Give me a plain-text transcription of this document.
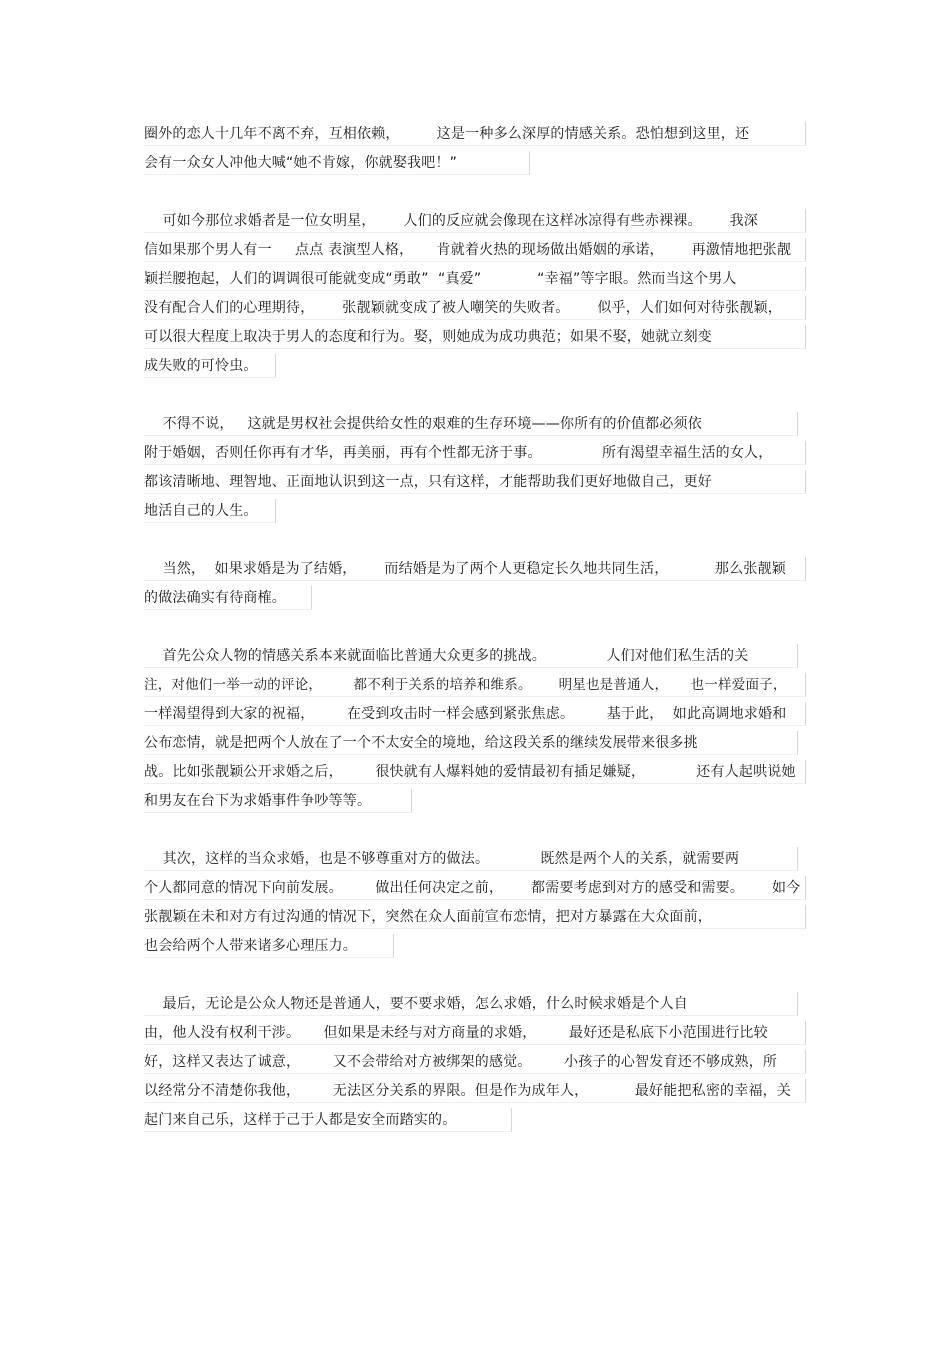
圈外的恋人十几年不离不弃，互相依赖，        这是一种多么深厚的情感关系。恐怕想到这里，还
会有一众女人冲他大喊“她不肯嫁，你就娶我吧！”
可如今那位求婚者是一位女明星，      人们的反应就会像现在这样冰凉得有些赤裸裸。      我深
信如果那个男人有一     点点 表演型人格，     肯就着火热的现场做出婚姻的承诺，      再激情地把张靓
颖拦腰抱起，人们的调调很可能就变成“勇敢”  “真爱”            “幸福”等字眼。然而当这个男人
没有配合人们的心理期待，      张靓颖就变成了被人嘲笑的失败者。      似乎，人们如何对待张靓颖，
可以很大程度上取决于男人的态度和行为。娶，则她成为成功典范；如果不娶，她就立刻变
成失败的可怜虫。
不得不说，   这就是男权社会提供给女性的艰难的生存环境——你所有的价值都必须依
附于婚姻，否则任你再有才华，再美丽，再有个性都无济于事。             所有渴望幸福生活的女人，
都该清晰地、理智地、正面地认识到这一点，只有这样，才能帮助我们更好地做自己，更好
地活自己的人生。
当然，  如果求婚是为了结婚，      而结婚是为了两个人更稳定长久地共同生活，          那么张靓颖
的做法确实有待商榷。
首先公众人物的情感关系本来就面临比普通大众更多的挑战。             人们对他们私生活的关
注，对他们一举一动的评论，       都不利于关系的培养和维系。      明星也是普通人，     也一样爱面子，
一样渴望得到大家的祝福，       在受到攻击时一样会感到紧张焦虑。       基于此，  如此高调地求婚和
公布恋情，就是把两个人放在了一个不太安全的境地，给这段关系的继续发展带来很多挑
战。比如张靓颖公开求婚之后，       很快就有人爆料她的爱情最初有插足嫌疑，           还有人起哄说她
和男友在台下为求婚事件争吵等等。
其次，这样的当众求婚，也是不够尊重对方的做法。           既然是两个人的关系，就需要两
个人都同意的情况下向前发展。       做出任何决定之前，      都需要考虑到对方的感受和需要。      如今
张靓颖在未和对方有过沟通的情况下，突然在众人面前宣布恋情，把对方暴露在大众面前，
也会给两个人带来诸多心理压力。
最后，无论是公众人物还是普通人，要不要求婚，怎么求婚，什么时候求婚是个人自
由，他人没有权利干涉。     但如果是未经与对方商量的求婚，       最好还是私底下小范围进行比较
好，这样又表达了诚意，       又不会带给对方被绑架的感觉。       小孩子的心智发育还不够成熟，所
以经常分不清楚你我他，       无法区分关系的界限。但是作为成年人，          最好能把私密的幸福，关
起门来自己乐，这样于己于人都是安全而踏实的。
